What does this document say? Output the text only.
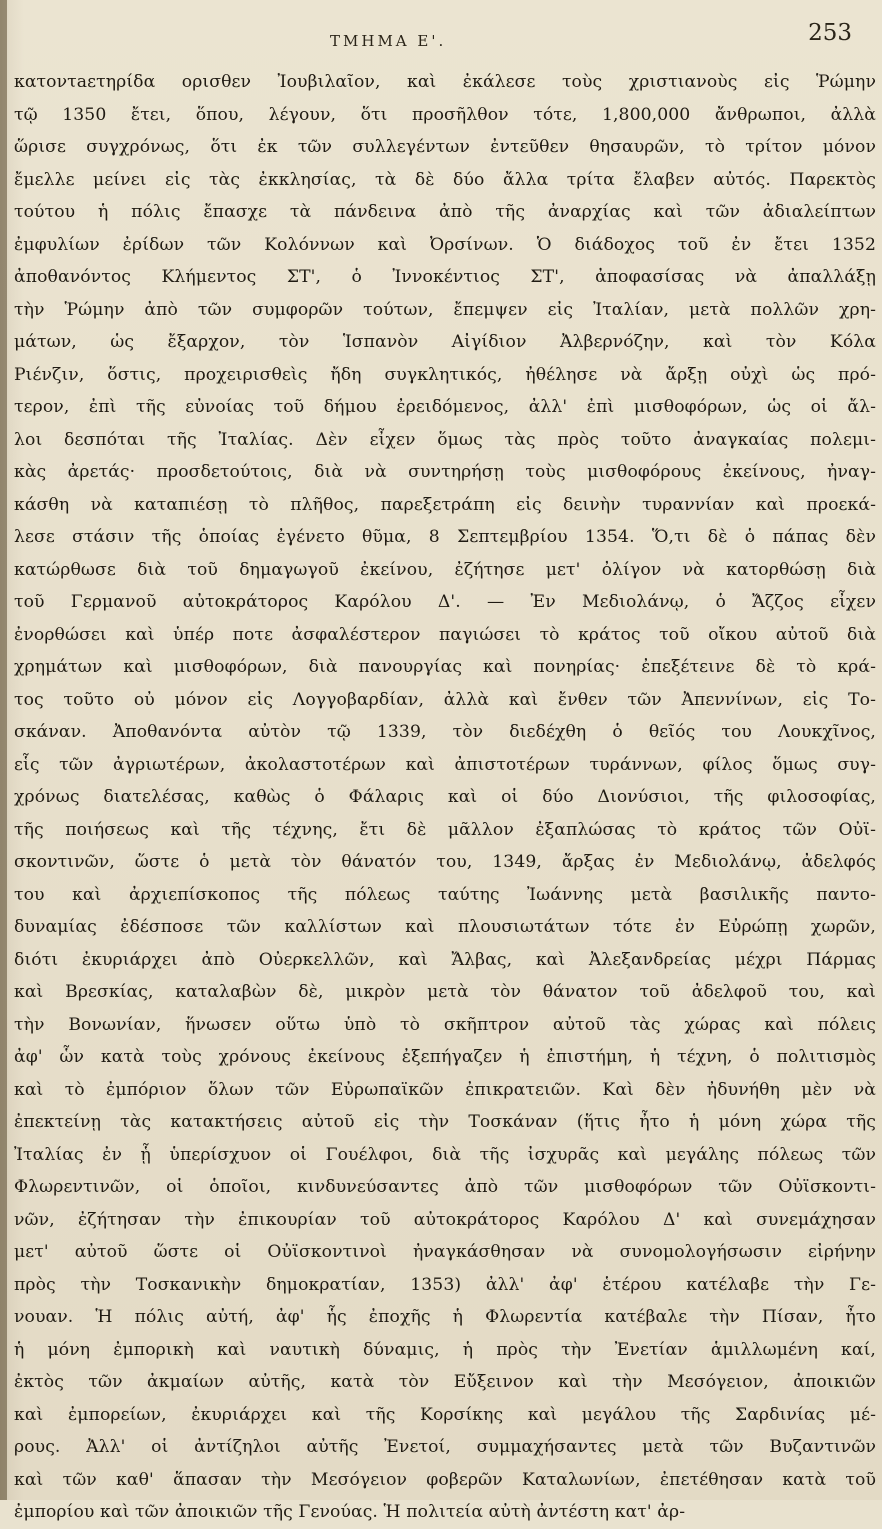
ΤΜΗΜΑ Ε'.	253
κατοντaετηρίδα ορισθεν Ἰουβιλαῖον, καὶ ἐκάλεσε τοὺς χριστιανοὺς εἰς Ῥώμην
τῷ 1350 ἔτει, ὅπου, λέγουν, ὅτι προσῆλθον τότε, 1,800,000 ἄνθρωποι, ἀλλὰ
ὥρισε συγχρόνως, ὅτι ἐκ τῶν συλλεγέντων ἐντεῦθεν θησαυρῶν, τὸ τρίτον μόνον
ἔμελλε μείνει εἰς τὰς ἐκκλησίας, τὰ δὲ δύο ἄλλα τρίτα ἔλαβεν αὐτός. Παρεκτὸς
τούτου ἡ πόλις ἔπασχε τὰ πάνδεινα ἀπὸ τῆς ἀναρχίας καὶ τῶν ἀδιαλείπτων
ἐμφυλίων ἐρίδων τῶν Κολόννων καὶ Ὀρσίνων. Ὁ διάδοχος τοῦ ἐν ἔτει 1352
ἀποθανόντος Κλήμεντος ΣΤ', ὁ Ἰννοκέντιος ΣΤ', ἀποφασίσας νὰ ἀπαλλάξῃ
τὴν Ῥώμην ἀπὸ τῶν συμφορῶν τούτων, ἔπεμψεν εἰς Ἰταλίαν, μετὰ πολλῶν χρη-
μάτων, ὡς ἔξαρχον, τὸν Ἱσπανὸν Αἰγίδιον Ἀλβερνόζην, καὶ τὸν Κόλα
Ριένζιν, ὅστις, προχειρισθεὶς ἤδη συγκλητικός, ἠθέλησε νὰ ἄρξῃ οὐχὶ ὡς πρό-
τερον, ἐπὶ τῆς εὐνοίας τοῦ δήμου ἐρειδόμενος, ἀλλ' ἐπὶ μισθοφόρων, ὡς οἱ ἄλ-
λοι δεσπόται τῆς Ἰταλίας. Δὲν εἶχεν ὅμως τὰς πρὸς τοῦτο ἀναγκαίας πολεμι-
κὰς ἀρετάς· προσδετούτοις, διὰ νὰ συντηρήσῃ τοὺς μισθοφόρους ἐκείνους, ἠναγ-
κάσθη νὰ καταπιέσῃ τὸ πλῆθος, παρεξετράπη εἰς δεινὴν τυραννίαν καὶ προεκά-
λεσε στάσιν τῆς ὁποίας ἐγένετο θῦμα, 8 Σεπτεμβρίου 1354. Ὅ,τι δὲ ὁ πάπας δὲν
κατώρθωσε διὰ τοῦ δημαγωγοῦ ἐκείνου, ἐζήτησε μετ' ὀλίγον νὰ κατορθώσῃ διὰ
τοῦ Γερμανοῦ αὐτοκράτορος Καρόλου Δ'. — Ἐν Μεδιολάνῳ, ὁ Ἄζζος εἶχεν
ἐνορθώσει καὶ ὑπέρ ποτε ἀσφαλέστερον παγιώσει τὸ κράτος τοῦ οἴκου αὐτοῦ διὰ
χρημάτων καὶ μισθοφόρων, διὰ πανουργίας καὶ πονηρίας· ἐπεξέτεινε δὲ τὸ κρά-
τος τοῦτο οὐ μόνον εἰς Λογγοβαρδίαν, ἀλλὰ καὶ ἔνθεν τῶν Ἀπεννίνων, εἰς Το-
σκάναν. Ἀποθανόντα αὐτὸν τῷ 1339, τὸν διεδέχθη ὁ θεῖός του Λουκχῖνος,
εἷς τῶν ἀγριωτέρων, ἀκολαστοτέρων καὶ ἀπιστοτέρων τυράννων, φίλος ὅμως συγ-
χρόνως διατελέσας, καθὼς ὁ Φάλαρις καὶ οἱ δύο Διονύσιοι, τῆς φιλοσοφίας,
τῆς ποιήσεως καὶ τῆς τέχνης, ἔτι δὲ μᾶλλον ἐξαπλώσας τὸ κράτος τῶν Οὐϊ-
σκοντινῶν, ὥστε ὁ μετὰ τὸν θάνατόν του, 1349, ἄρξας ἐν Μεδιολάνῳ, ἀδελφός
του καὶ ἀρχιεπίσκοπος τῆς πόλεως ταύτης Ἰωάννης μετὰ βασιλικῆς παντο-
δυναμίας ἐδέσποσε τῶν καλλίστων καὶ πλουσιωτάτων τότε ἐν Εὐρώπῃ χωρῶν,
διότι ἐκυριάρχει ἀπὸ Οὐερκελλῶν, καὶ Ἄλβας, καὶ Ἀλεξανδρείας μέχρι Πάρμας
καὶ Βρεσκίας, καταλαβὼν δὲ, μικρὸν μετὰ τὸν θάνατον τοῦ ἀδελφοῦ του, καὶ
τὴν Βονωνίαν, ἥνωσεν οὕτω ὑπὸ τὸ σκῆπτρον αὐτοῦ τὰς χώρας καὶ πόλεις
ἀφ' ὧν κατὰ τοὺς χρόνους ἐκείνους ἐξεπήγαζεν ἡ ἐπιστήμη, ἡ τέχνη, ὁ πολιτισμὸς
καὶ τὸ ἐμπόριον ὅλων τῶν Εὐρωπαϊκῶν ἐπικρατειῶν. Καὶ δὲν ἠδυνήθη μὲν νὰ
ἐπεκτείνῃ τὰς κατακτήσεις αὐτοῦ εἰς τὴν Τοσκάναν (ἥτις ἦτο ἡ μόνη χώρα τῆς
Ἰταλίας ἐν ᾗ ὑπερίσχυον οἱ Γουέλφοι, διὰ τῆς ἰσχυρᾶς καὶ μεγάλης πόλεως τῶν
Φλωρεντινῶν, οἱ ὁποῖοι, κινδυνεύσαντες ἀπὸ τῶν μισθοφόρων τῶν Οὐϊσκοντι-
νῶν, ἐζήτησαν τὴν ἐπικουρίαν τοῦ αὐτοκράτορος Καρόλου Δ' καὶ συνεμάχησαν
μετ' αὐτοῦ ὥστε οἱ Οὐϊσκοντινοὶ ἠναγκάσθησαν νὰ συνομολογήσωσιν εἰρήνην
πρὸς τὴν Τοσκανικὴν δημοκρατίαν, 1353) ἀλλ' ἀφ' ἑτέρου κατέλαβε τὴν Γε-
νουαν. Ἡ πόλις αὐτή, ἀφ' ἧς ἐποχῆς ἡ Φλωρεντία κατέβαλε τὴν Πίσαν, ἦτο
ἡ μόνη ἐμπορικὴ καὶ ναυτικὴ δύναμις, ἡ πρὸς τὴν Ἐνετίαν ἁμιλλωμένη καί,
ἐκτὸς τῶν ἀκμαίων αὐτῆς, κατὰ τὸν Εὔξεινον καὶ τὴν Μεσόγειον, ἀποικιῶν
καὶ ἐμπορείων, ἐκυριάρχει καὶ τῆς Κορσίκης καὶ μεγάλου τῆς Σαρδινίας μέ-
ρους. Ἀλλ' οἱ ἀντίζηλοι αὐτῆς Ἐνετοί, συμμαχήσαντες μετὰ τῶν Βυζαντινῶν
καὶ τῶν καθ' ἅπασαν τὴν Μεσόγειον φοβερῶν Καταλωνίων, ἐπετέθησαν κατὰ τοῦ
ἐμπορίου καὶ τῶν ἀποικιῶν τῆς Γενούας. Ἡ πολιτεία αὐτὴ ἀντέστη κατ' ἀρ-
